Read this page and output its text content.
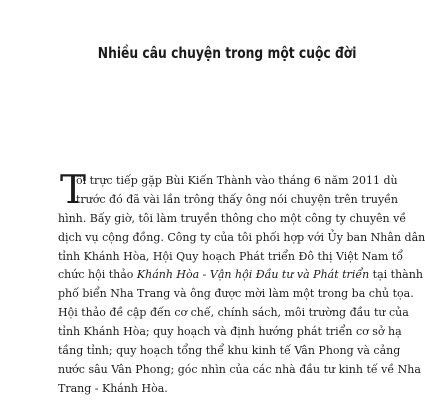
Nhiều câu chuyện trong một cuộc đời
T
ôi trực tiếp gặp Bùi Kiến Thành vào tháng 6 năm 2011 dù
trước đó đã vài lần trông thấy ông nói chuyện trên truyền
hình. Bấy giờ, tôi làm truyền thông cho một công ty chuyên về
dịch vụ cộng đồng. Công ty của tôi phối hợp với Ủy ban Nhân dân
tỉnh Khánh Hòa, Hội Quy hoạch Phát triển Đô thị Việt Nam tổ
chức hội thảo Khánh Hòa - Vận hội Đầu tư và Phát triển tại thành
phố biển Nha Trang và ông được mời làm một trong ba chủ tọa.
Hội thảo đề cập đến cơ chế, chính sách, môi trường đầu tư của
tỉnh Khánh Hòa; quy hoạch và định hướng phát triển cơ sở hạ
tầng tỉnh; quy hoạch tổng thể khu kinh tế Vân Phong và cảng
nước sâu Vân Phong; góc nhìn của các nhà đầu tư kinh tế về Nha
Trang - Khánh Hòa.
